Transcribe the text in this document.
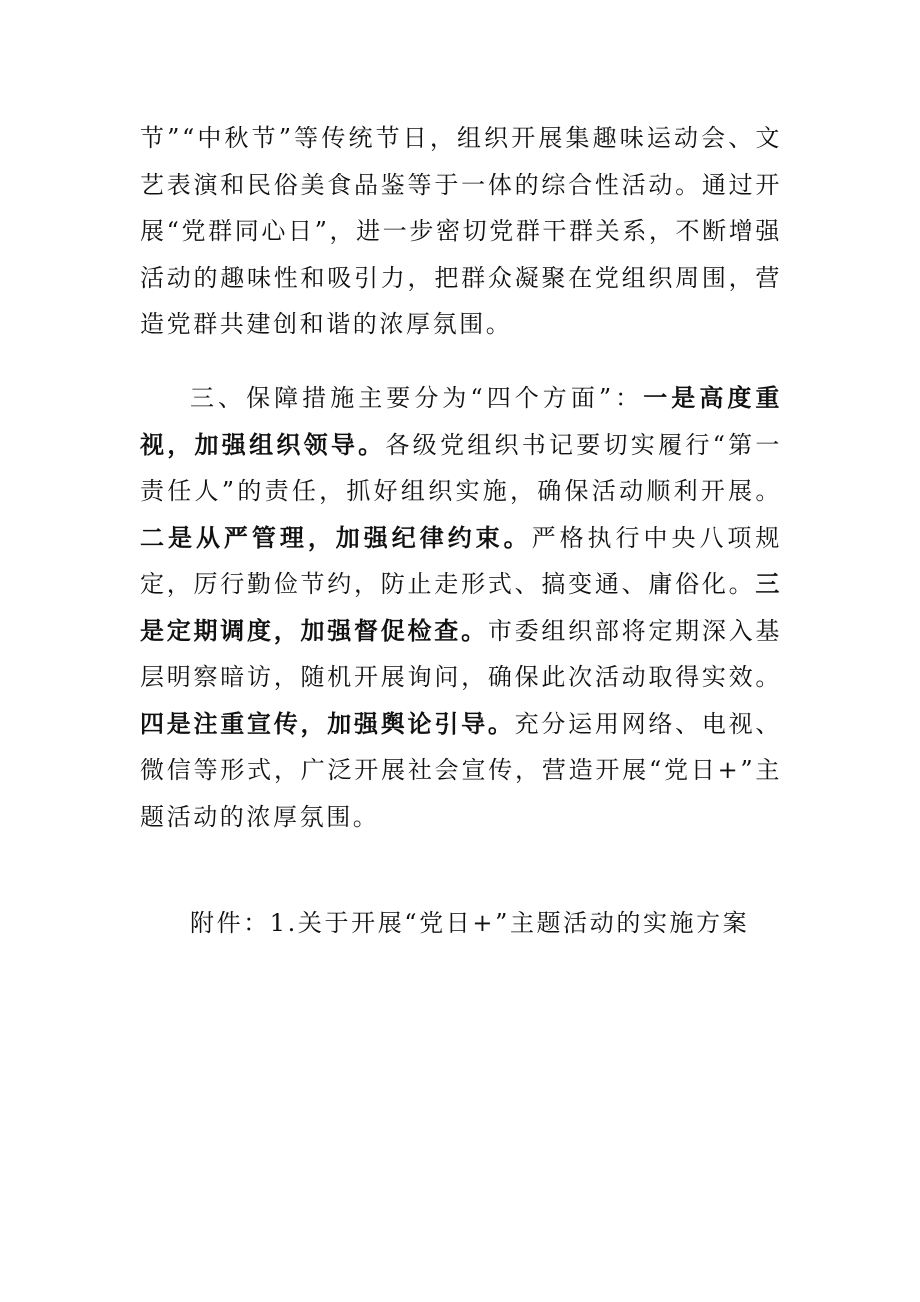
节”“中秋节”等传统节日，组织开展集趣味运动会、文艺表演和民俗美食品鉴等于一体的综合性活动。通过开展“党群同心日”，进一步密切党群干群关系，不断增强活动的趣味性和吸引力，把群众凝聚在党组织周围，营造党群共建创和谐的浓厚氛围。

三、保障措施主要分为“四个方面”：一是高度重视，加强组织领导。各级党组织书记要切实履行“第一责任人”的责任，抓好组织实施，确保活动顺利开展。二是从严管理，加强纪律约束。严格执行中央八项规定，厉行勤俭节约，防止走形式、搞变通、庸俗化。三是定期调度，加强督促检查。市委组织部将定期深入基层明察暗访，随机开展询问，确保此次活动取得实效。四是注重宣传，加强舆论引导。充分运用网络、电视、微信等形式，广泛开展社会宣传，营造开展“党日+”主题活动的浓厚氛围。

附件：1.关于开展“党日+”主题活动的实施方案
